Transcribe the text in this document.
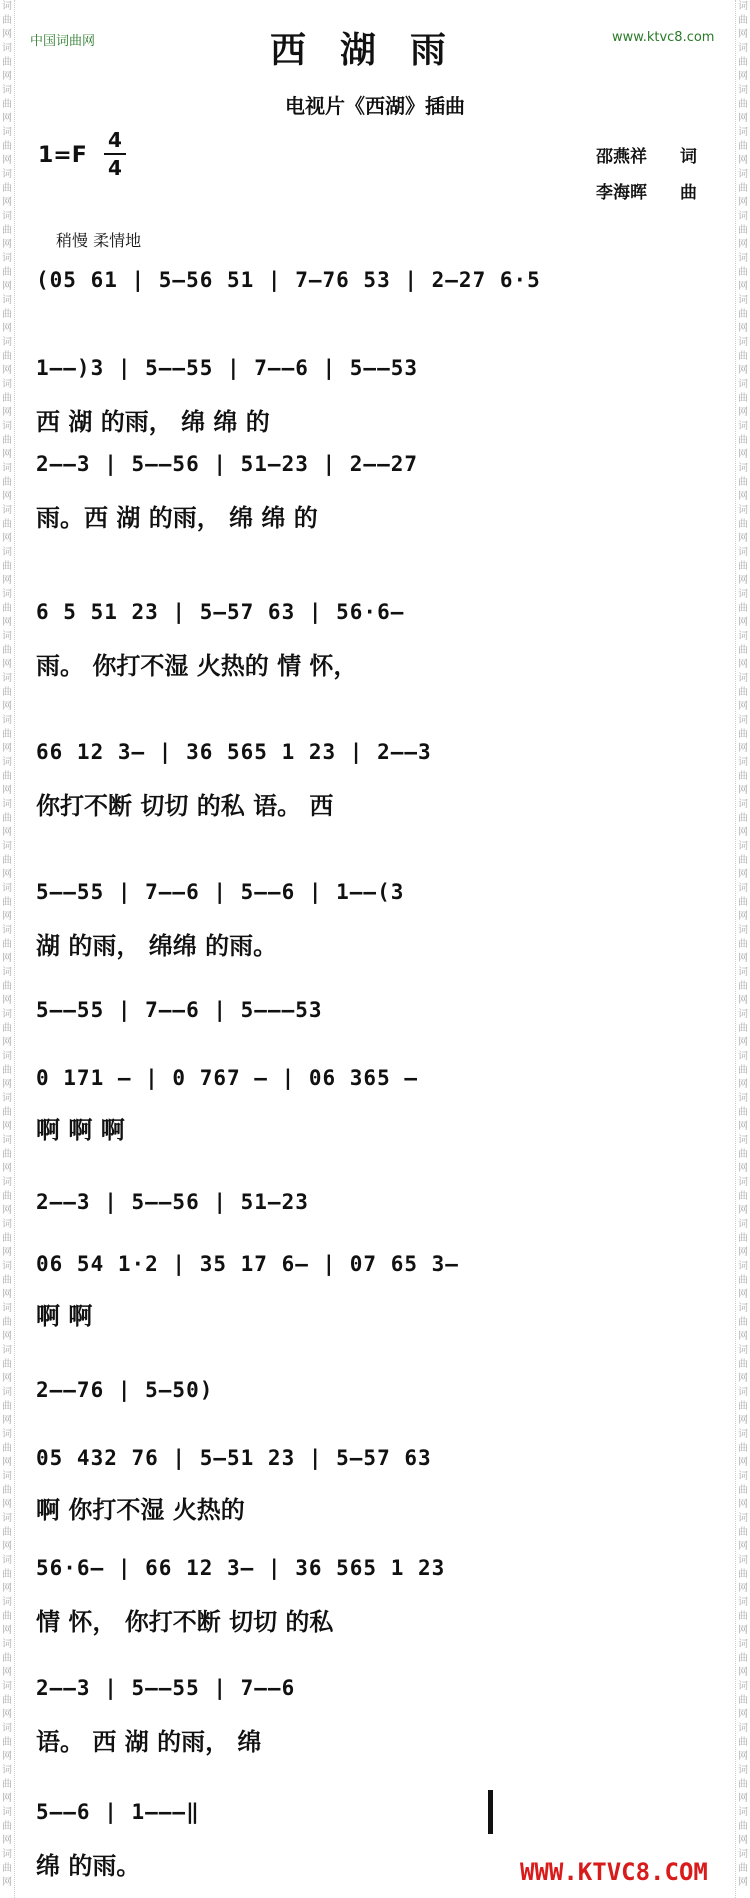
词
曲
网
词
曲
网
词
曲
网
词
曲
网
词
曲
网
词
曲
网
词
曲
网
词
曲
网
词
曲
网
词
曲
网
词
曲
网
词
曲
网
词
曲
网
词
曲
网
词
曲
网
词
曲
网
词
曲
网
词
曲
网
词
曲
网
词
曲
网
词
曲
网
词
曲
网
词
曲
网
词
曲
网
词
曲
网
词
曲
网
词
曲
网
词
曲
网
词
曲
网
词
曲
网
词
曲
网
词
曲
网
词
曲
网
词
曲
网
词
曲
网
词
曲
网
词
曲
网
词
曲
网
词
曲
网
词
曲
网
词
曲
网
词
曲
网
词
曲
网
词
曲
网
词
曲
网
词
曲
网
词
曲
网
词
曲
网
词
曲
网
词
曲
网
词
曲
网
词
曲
网
词
曲
网
词
曲
网
词
曲
网
词
曲
网
词
曲
网
词
曲
网
词
曲
网
词
曲
网
词
曲
网
词
曲
网
词
曲
网
词
曲
网
词
曲
网
词
曲
网
词
曲
网
词
曲
网
词
曲
网
词
曲
网
词
曲
网
词
曲
网
词
曲
网
词
曲
网
词
曲
网
词
曲
网
词
曲
网
词
曲
网
词
曲
网
词
曲
网
词
曲
网
词
曲
网
词
曲
网
词
曲
网
词
曲
网
词
曲
网
词
曲
网
词
曲
网
词
曲
网
词
曲
网
中国词曲网	www.ktvc8.com
西湖雨
电视片《西湖》插曲
1=F
4
4	邵燕祥 词
李海晖 曲
稍慢 柔情地
(05 61 | 5—56 51 | 7—76 53 | 2—27 6·5
1——)3 | 5——55 | 7——6 | 5——53
西 湖 的雨， 绵 绵 的
2——3 | 5——56 | 51—23 | 2——27
雨。西 湖 的雨， 绵 绵 的
6 5 51 23 | 5—57 63 | 56·6—
雨。 你打不湿 火热的 情 怀，
66 12 3— | 36 565 1 23 | 2——3
你打不断 切切 的私 语。 西
5——55 | 7——6 | 5——6 | 1——(3
湖 的雨， 绵绵 的雨。
5——55 | 7——6 | 5———53
0 171 — | 0 767 — | 06 365 —
啊 啊 啊
2——3 | 5——56 | 51—23
06 54 1·2 | 35 17 6— | 07 65 3—
啊 啊
2——76 | 5—50)
05 432 76 | 5—51 23 | 5—57 63
啊 你打不湿 火热的
56·6— | 66 12 3— | 36 565 1 23
情 怀， 你打不断 切切 的私
2——3 | 5——55 | 7——6
语。 西 湖 的雨， 绵
5——6 | 1———‖
绵 的雨。	WWW.KTVC8.COM
